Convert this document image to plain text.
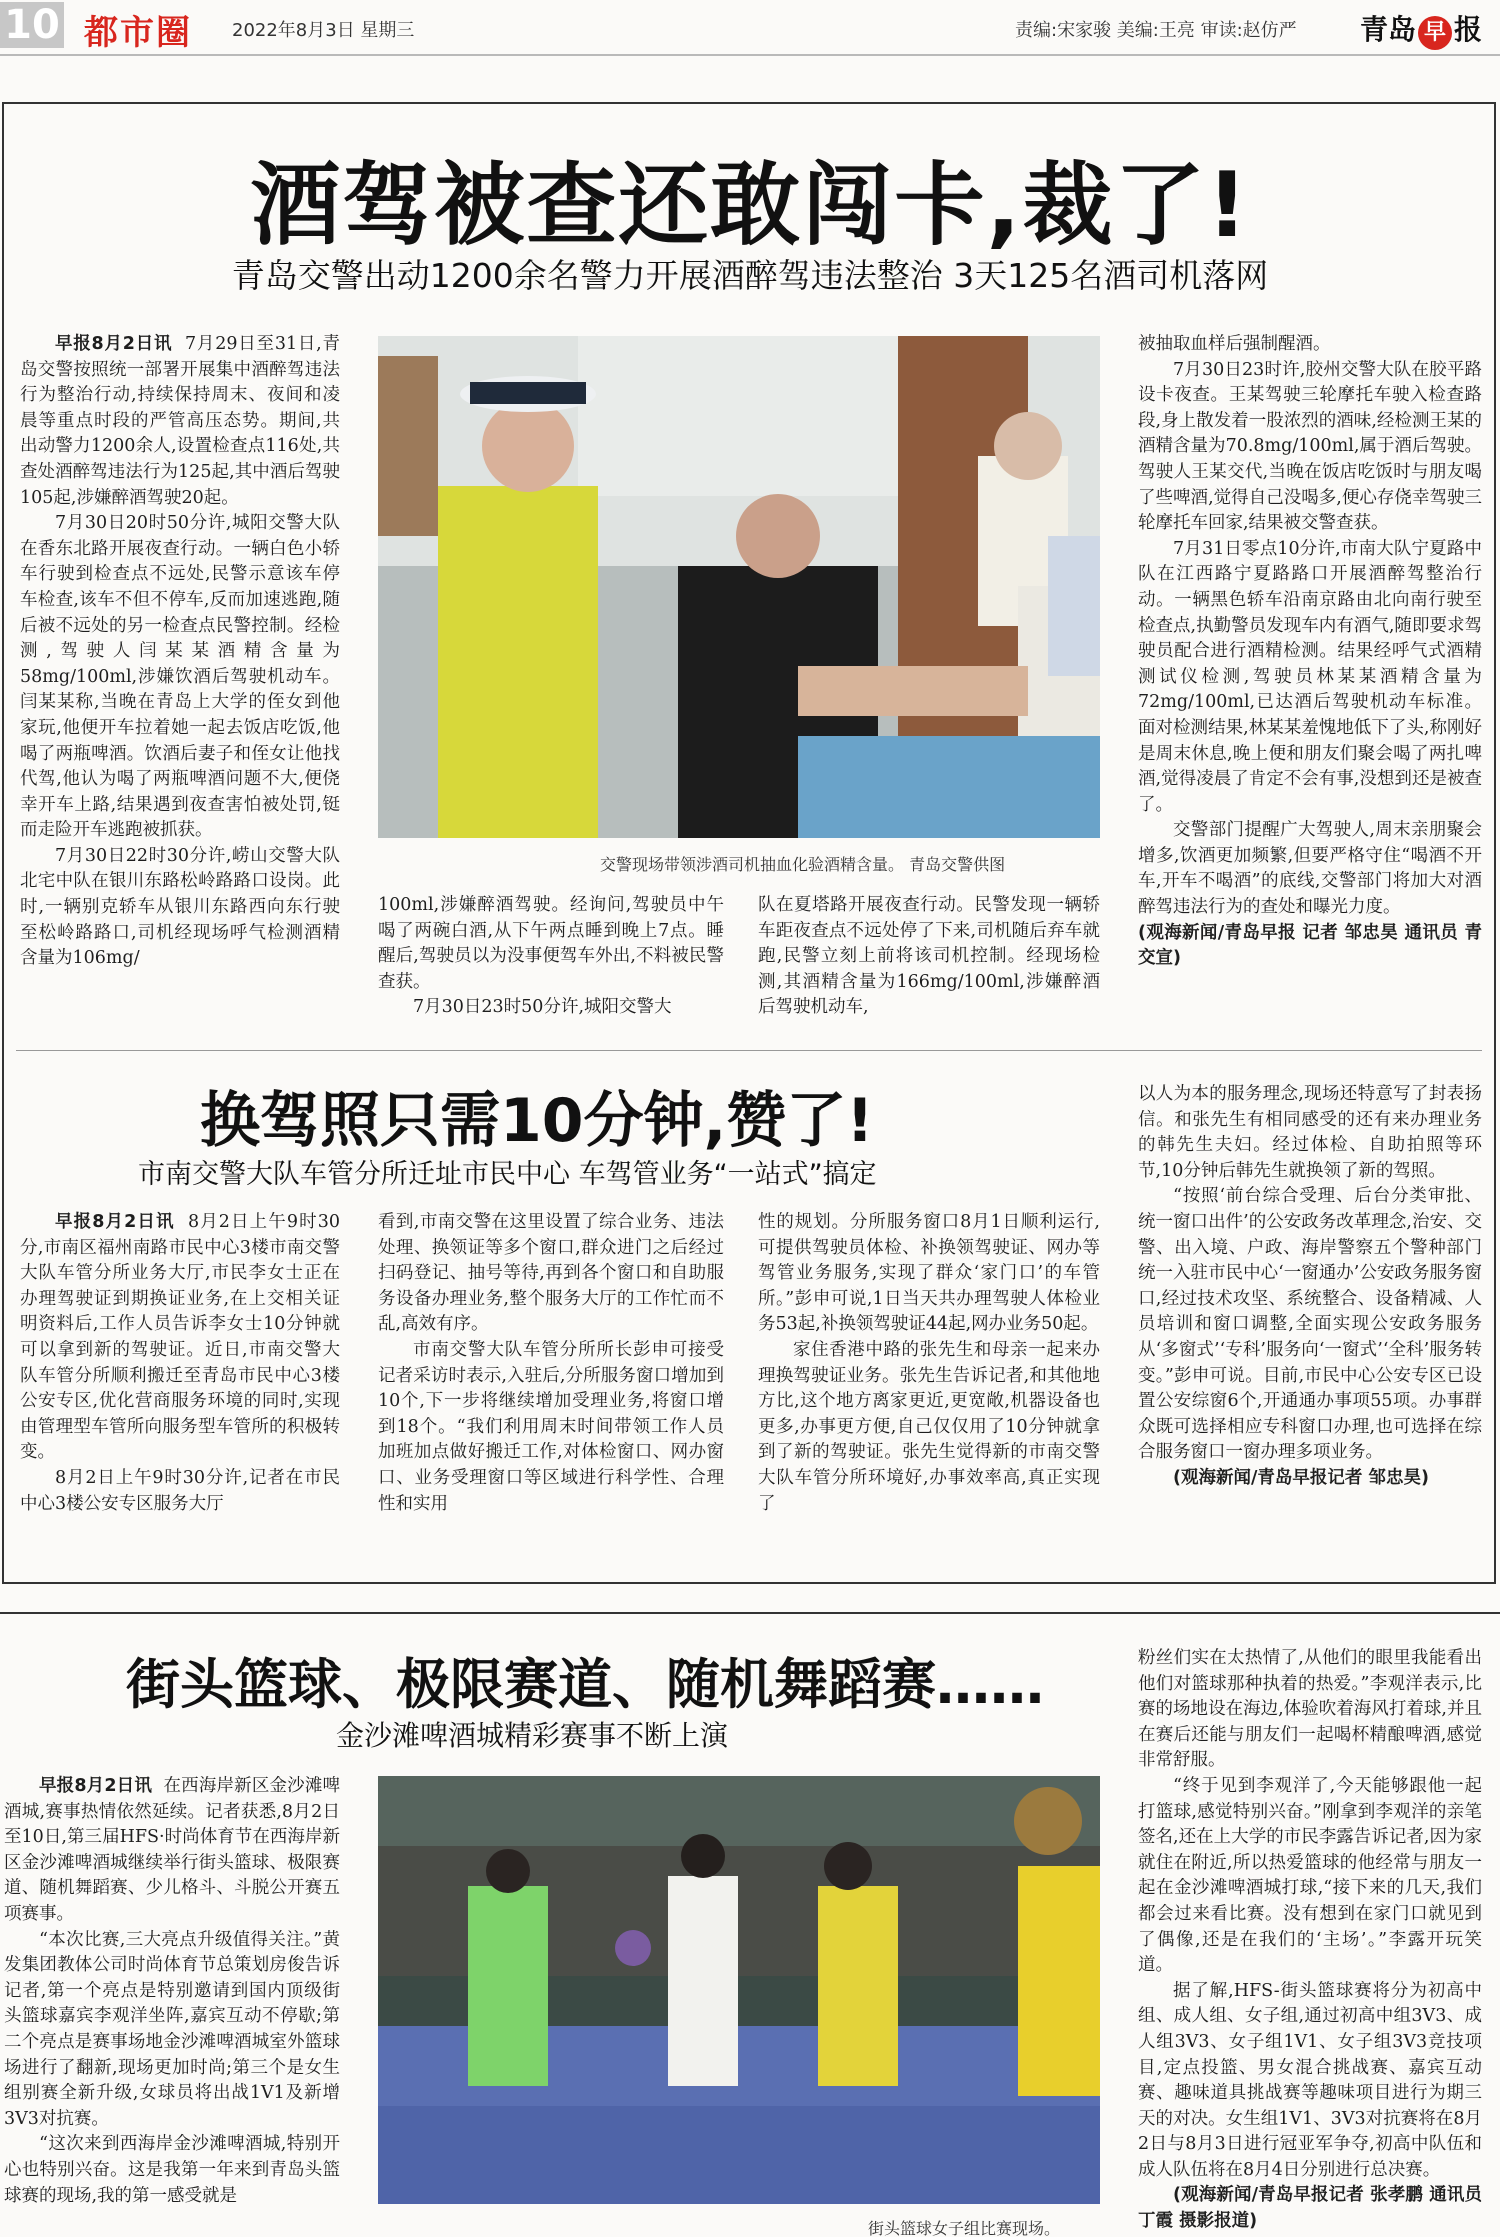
10 都市圈 2022年8月3日 星期三	责编:宋家骏 美编:王亮 审读:赵仿严 青岛 早 报
酒驾被查还敢闯卡,裁了!
青岛交警出动1200余名警力开展酒醉驾违法整治 3天125名酒司机落网

早报8月2日讯 7月29日至31日,青岛交警按照统一部署开展集中酒醉驾违法行为整治行动,持续保持周末、夜间和凌晨等重点时段的严管高压态势。期间,共出动警力1200余人,设置检查点116处,共查处酒醉驾违法行为125起,其中酒后驾驶105起,涉嫌醉酒驾驶20起。

7月30日20时50分许,城阳交警大队在香东北路开展夜查行动。一辆白色小轿车行驶到检查点不远处,民警示意该车停车检查,该车不但不停车,反而加速逃跑,随后被不远处的另一检查点民警控制。经检测,驾驶人闫某某酒精含量为58mg/100ml,涉嫌饮酒后驾驶机动车。闫某某称,当晚在青岛上大学的侄女到他家玩,他便开车拉着她一起去饭店吃饭,他喝了两瓶啤酒。饮酒后妻子和侄女让他找代驾,他认为喝了两瓶啤酒问题不大,便侥幸开车上路,结果遇到夜查害怕被处罚,铤而走险开车逃跑被抓获。

7月30日22时30分许,崂山交警大队北宅中队在银川东路松岭路路口设岗。此时,一辆别克轿车从银川东路西向东行驶至松岭路路口,司机经现场呼气检测酒精含量为106mg/

交警现场带领涉酒司机抽血化验酒精含量。 青岛交警供图

100ml,涉嫌醉酒驾驶。经询问,驾驶员中午喝了两碗白酒,从下午两点睡到晚上7点。睡醒后,驾驶员以为没事便驾车外出,不料被民警查获。

7月30日23时50分许,城阳交警大

队在夏塔路开展夜查行动。民警发现一辆轿车距夜查点不远处停了下来,司机随后弃车就跑,民警立刻上前将该司机控制。经现场检测,其酒精含量为166mg/100ml,涉嫌醉酒后驾驶机动车,

被抽取血样后强制醒酒。

7月30日23时许,胶州交警大队在胶平路设卡夜查。王某驾驶三轮摩托车驶入检查路段,身上散发着一股浓烈的酒味,经检测王某的酒精含量为70.8mg/100ml,属于酒后驾驶。驾驶人王某交代,当晚在饭店吃饭时与朋友喝了些啤酒,觉得自己没喝多,便心存侥幸驾驶三轮摩托车回家,结果被交警查获。

7月31日零点10分许,市南大队宁夏路中队在江西路宁夏路路口开展酒醉驾整治行动。一辆黑色轿车沿南京路由北向南行驶至检查点,执勤警员发现车内有酒气,随即要求驾驶员配合进行酒精检测。结果经呼气式酒精测试仪检测,驾驶员林某某酒精含量为72mg/100ml,已达酒后驾驶机动车标准。面对检测结果,林某某羞愧地低下了头,称刚好是周末休息,晚上便和朋友们聚会喝了两扎啤酒,觉得凌晨了肯定不会有事,没想到还是被查了。

交警部门提醒广大驾驶人,周末亲朋聚会增多,饮酒更加频繁,但要严格守住“喝酒不开车,开车不喝酒”的底线,交警部门将加大对酒醉驾违法行为的查处和曝光力度。

(观海新闻/青岛早报 记者 邹忠昊 通讯员 青交宣)

换驾照只需10分钟,赞了!
市南交警大队车管分所迁址市民中心 车驾管业务“一站式”搞定

早报8月2日讯 8月2日上午9时30分,市南区福州南路市民中心3楼市南交警大队车管分所业务大厅,市民李女士正在办理驾驶证到期换证业务,在上交相关证明资料后,工作人员告诉李女士10分钟就可以拿到新的驾驶证。近日,市南交警大队车管分所顺利搬迁至青岛市民中心3楼公安专区,优化营商服务环境的同时,实现由管理型车管所向服务型车管所的积极转变。

8月2日上午9时30分许,记者在市民中心3楼公安专区服务大厅

看到,市南交警在这里设置了综合业务、违法处理、换领证等多个窗口,群众进门之后经过扫码登记、抽号等待,再到各个窗口和自助服务设备办理业务,整个服务大厅的工作忙而不乱,高效有序。

市南交警大队车管分所所长彭申可接受记者采访时表示,入驻后,分所服务窗口增加到10个,下一步将继续增加受理业务,将窗口增到18个。“我们利用周末时间带领工作人员加班加点做好搬迁工作,对体检窗口、网办窗口、业务受理窗口等区域进行科学性、合理性和实用

性的规划。分所服务窗口8月1日顺利运行,可提供驾驶员体检、补换领驾驶证、网办等驾管业务服务,实现了群众‘家门口’的车管所。”彭申可说,1日当天共办理驾驶人体检业务53起,补换领驾驶证44起,网办业务50起。

家住香港中路的张先生和母亲一起来办理换驾驶证业务。张先生告诉记者,和其他地方比,这个地方离家更近,更宽敞,机器设备也更多,办事更方便,自己仅仅用了10分钟就拿到了新的驾驶证。张先生觉得新的市南交警大队车管分所环境好,办事效率高,真正实现了

以人为本的服务理念,现场还特意写了封表扬信。和张先生有相同感受的还有来办理业务的韩先生夫妇。经过体检、自助拍照等环节,10分钟后韩先生就换领了新的驾照。

“按照‘前台综合受理、后台分类审批、统一窗口出件’的公安政务改革理念,治安、交警、出入境、户政、海岸警察五个警种部门统一入驻市民中心‘一窗通办’公安政务服务窗口,经过技术攻坚、系统整合、设备精减、人员培训和窗口调整,全面实现公安政务服务从‘多窗式’‘专科’服务向‘一窗式’‘全科’服务转变。”彭申可说。目前,市民中心公安专区已设置公安综窗6个,开通通办事项55项。办事群众既可选择相应专科窗口办理,也可选择在综合服务窗口一窗办理多项业务。

(观海新闻/青岛早报记者 邹忠昊)

街头篮球、极限赛道、随机舞蹈赛……
金沙滩啤酒城精彩赛事不断上演

早报8月2日讯 在西海岸新区金沙滩啤酒城,赛事热情依然延续。记者获悉,8月2日至10日,第三届HFS·时尚体育节在西海岸新区金沙滩啤酒城继续举行街头篮球、极限赛道、随机舞蹈赛、少儿格斗、斗脱公开赛五项赛事。

“本次比赛,三大亮点升级值得关注。”黄发集团教体公司时尚体育节总策划房俊告诉记者,第一个亮点是特别邀请到国内顶级街头篮球嘉宾李观洋坐阵,嘉宾互动不停歇;第二个亮点是赛事场地金沙滩啤酒城室外篮球场进行了翻新,现场更加时尚;第三个是女生组别赛全新升级,女球员将出战1V1及新增3V3对抗赛。

“这次来到西海岸金沙滩啤酒城,特别开心也特别兴奋。这是我第一年来到青岛头篮球赛的现场,我的第一感受就是

街头篮球女子组比赛现场。

粉丝们实在太热情了,从他们的眼里我能看出他们对篮球那种执着的热爱。”李观洋表示,比赛的场地设在海边,体验吹着海风打着球,并且在赛后还能与朋友们一起喝杯精酿啤酒,感觉非常舒服。

“终于见到李观洋了,今天能够跟他一起打篮球,感觉特别兴奋。”刚拿到李观洋的亲笔签名,还在上大学的市民李露告诉记者,因为家就住在附近,所以热爱篮球的他经常与朋友一起在金沙滩啤酒城打球,“接下来的几天,我们都会过来看比赛。没有想到在家门口就见到了偶像,还是在我们的‘主场’。”李露开玩笑道。

据了解,HFS-街头篮球赛将分为初高中组、成人组、女子组,通过初高中组3V3、成人组3V3、女子组1V1、女子组3V3竞技项目,定点投篮、男女混合挑战赛、嘉宾互动赛、趣味道具挑战赛等趣味项目进行为期三天的对决。女生组1V1、3V3对抗赛将在8月2日与8月3日进行冠亚军争夺,初高中队伍和成人队伍将在8月4日分别进行总决赛。

(观海新闻/青岛早报记者 张孝鹏 通讯员 丁霞 摄影报道)
